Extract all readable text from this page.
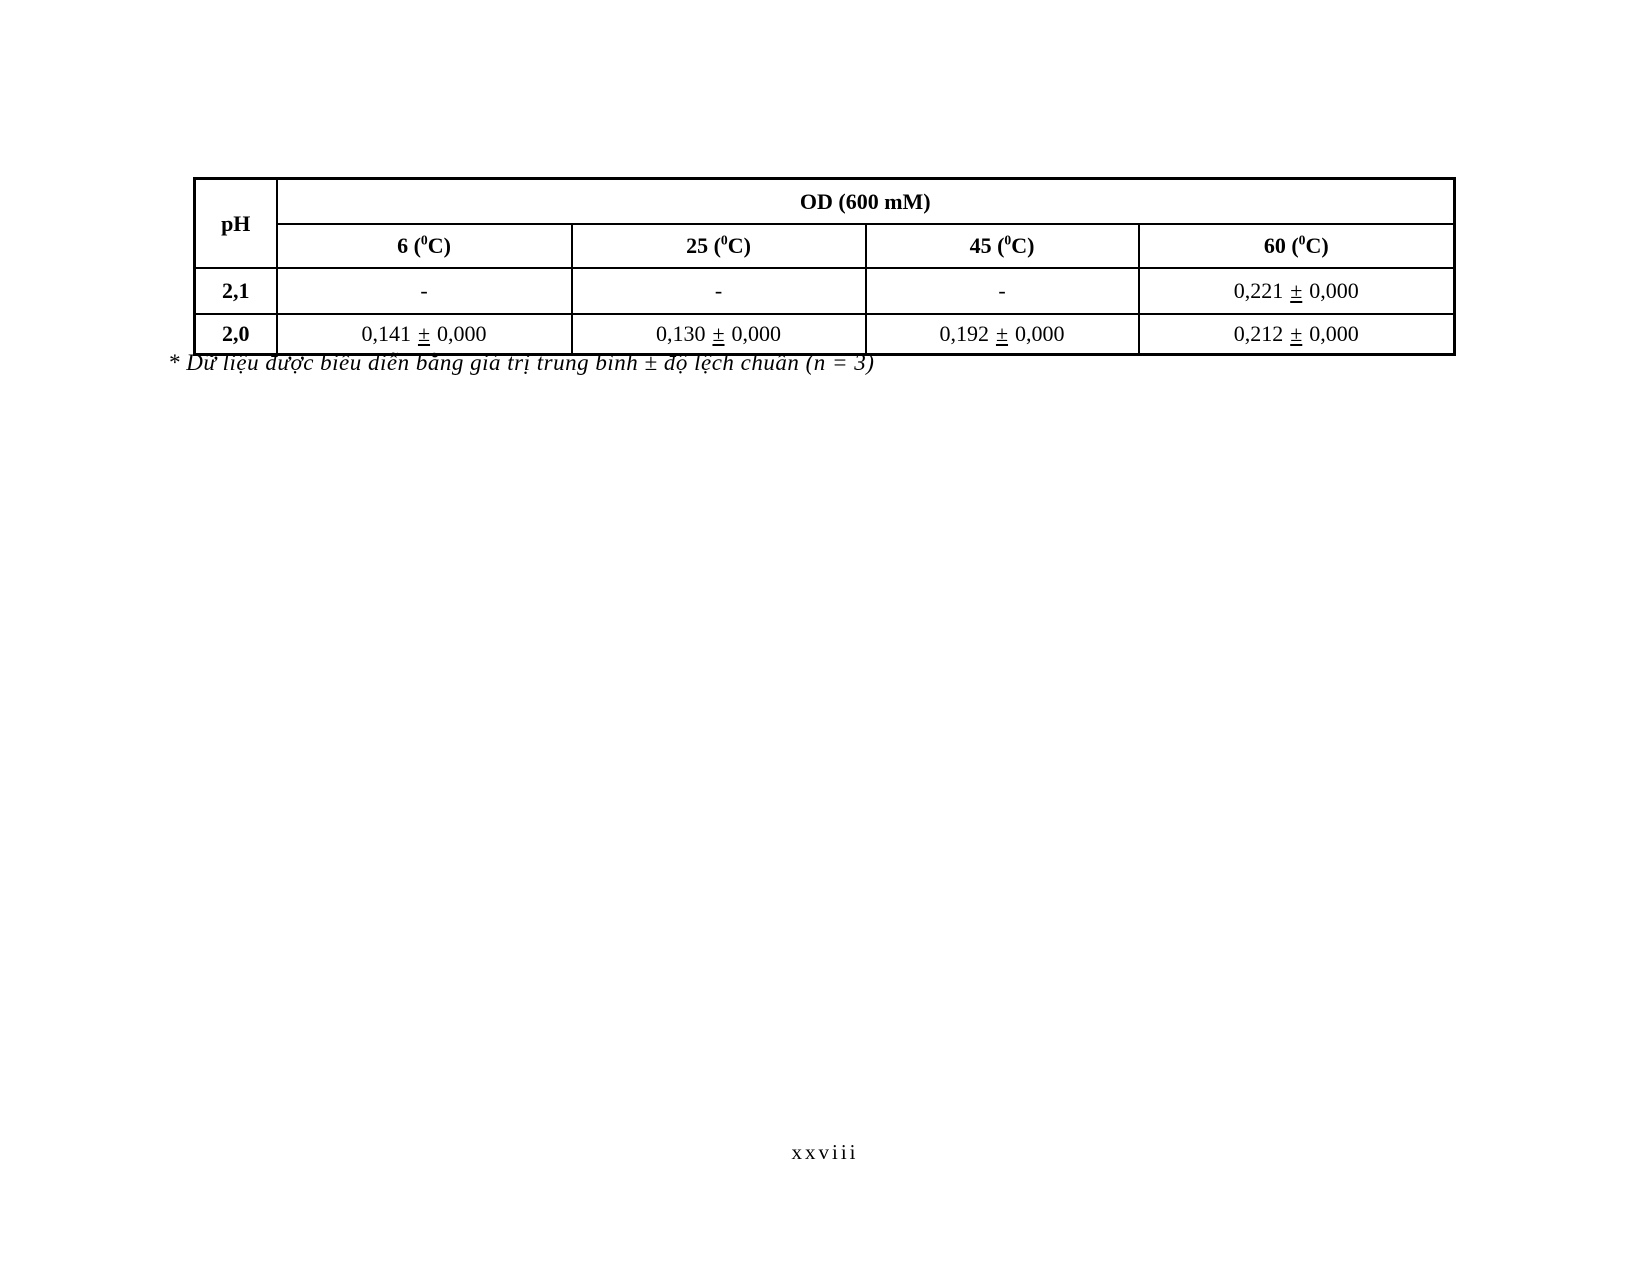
pH	OD (600 mM)			
	6 ($^0$C)	25 ($^0$C)	45 ($^0$C)	60 ($^0$C)
2,1	-	-	-	0,221 ± 0,000
2,0	0,141 ± 0,000	0,130 ± 0,000	0,192 ± 0,000	0,212 ± 0,000
* Dữ liệu được biểu diễn bằng giá trị trung bình ± độ lệch chuẩn (n = 3)
xxviii
